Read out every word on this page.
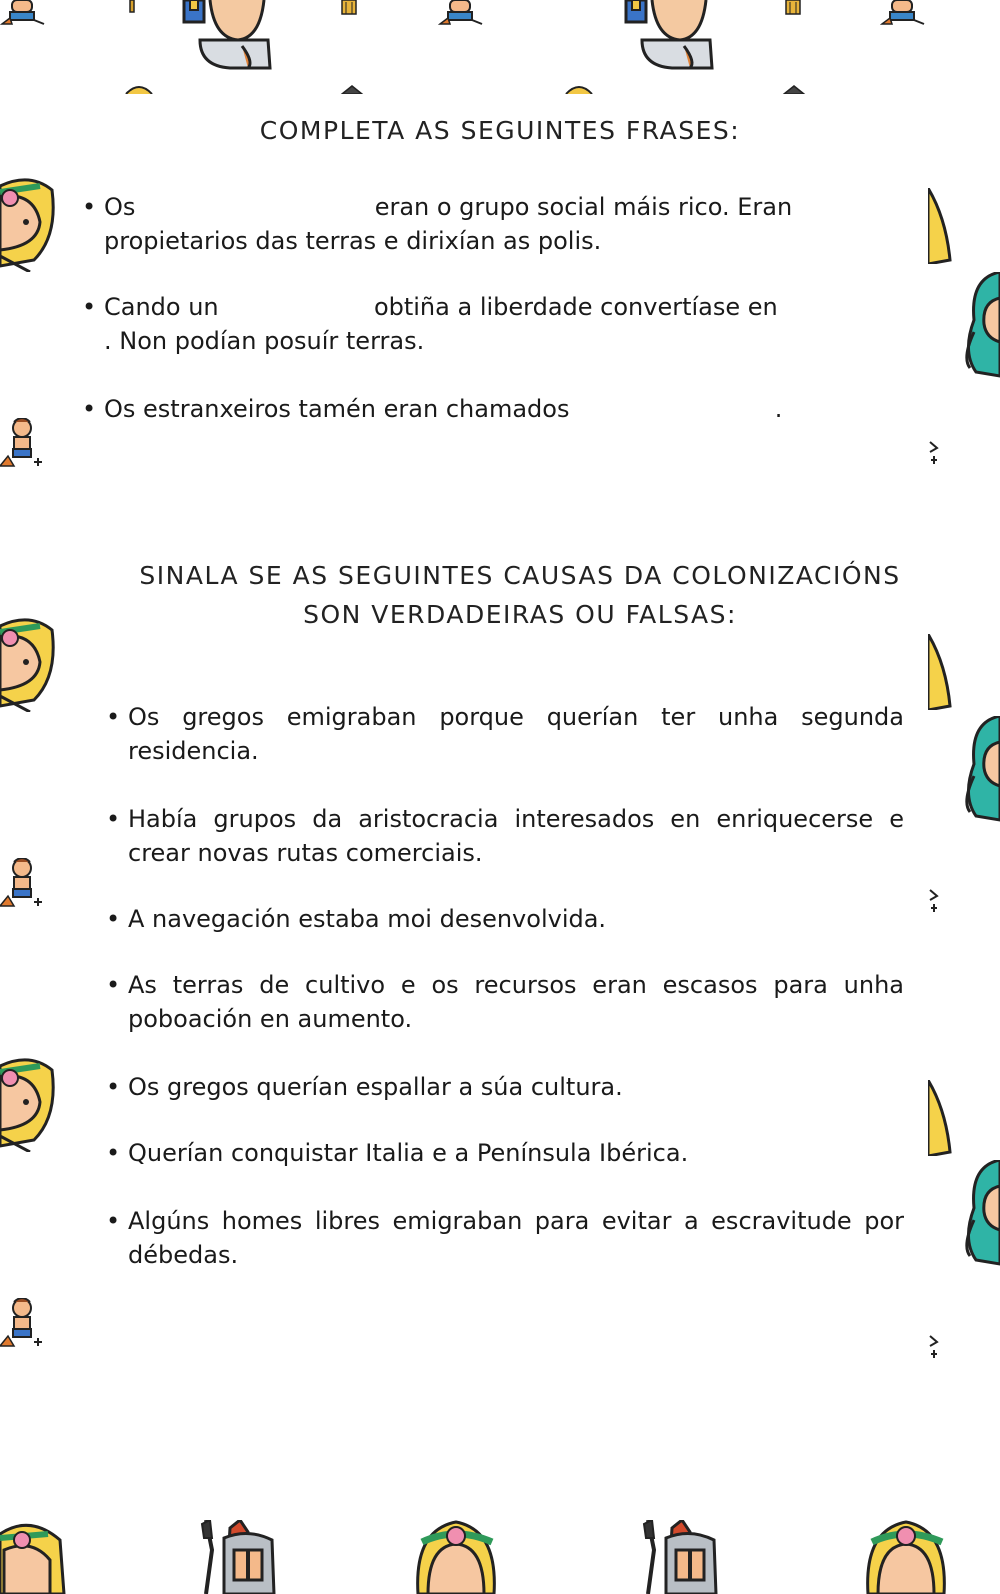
COMPLETA AS SEGUINTES FRASES:
• Os	eran o grupo social máis rico. Eran propietarios das terras e dirixían as polis.
• Cando un	obtiña a liberdade convertíase en
. Non podían posuír terras.
• Os estranxeiros tamén eran chamados	.
SINALA SE AS SEGUINTES CAUSAS DA COLONIZACIÓNS
SON VERDADEIRAS OU FALSAS:
• Os gregos emigraban porque querían ter unha segunda residencia.
• Había grupos da aristocracia interesados en enriquecerse e crear novas rutas comerciais.
• A navegación estaba moi desenvolvida.
• As terras de cultivo e os recursos eran escasos para unha poboación en aumento.
• Os gregos querían espallar a súa cultura.
• Querían conquistar Italia e a Península Ibérica.
• Algúns homes libres emigraban para evitar a escravitude por débedas.
